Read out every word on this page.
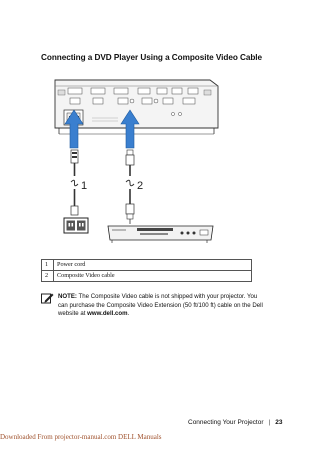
Connecting a DVD Player Using a Composite Video Cable
1	2
1	Power cord
2	Composite Video cable
NOTE: The Composite Video cable is not shipped with your projector. You can purchase the Composite Video Extension (50 ft/100 ft) cable on the Dell website at www.dell.com.
Connecting Your Projector | 23
Downloaded From projector-manual.com DELL Manuals
